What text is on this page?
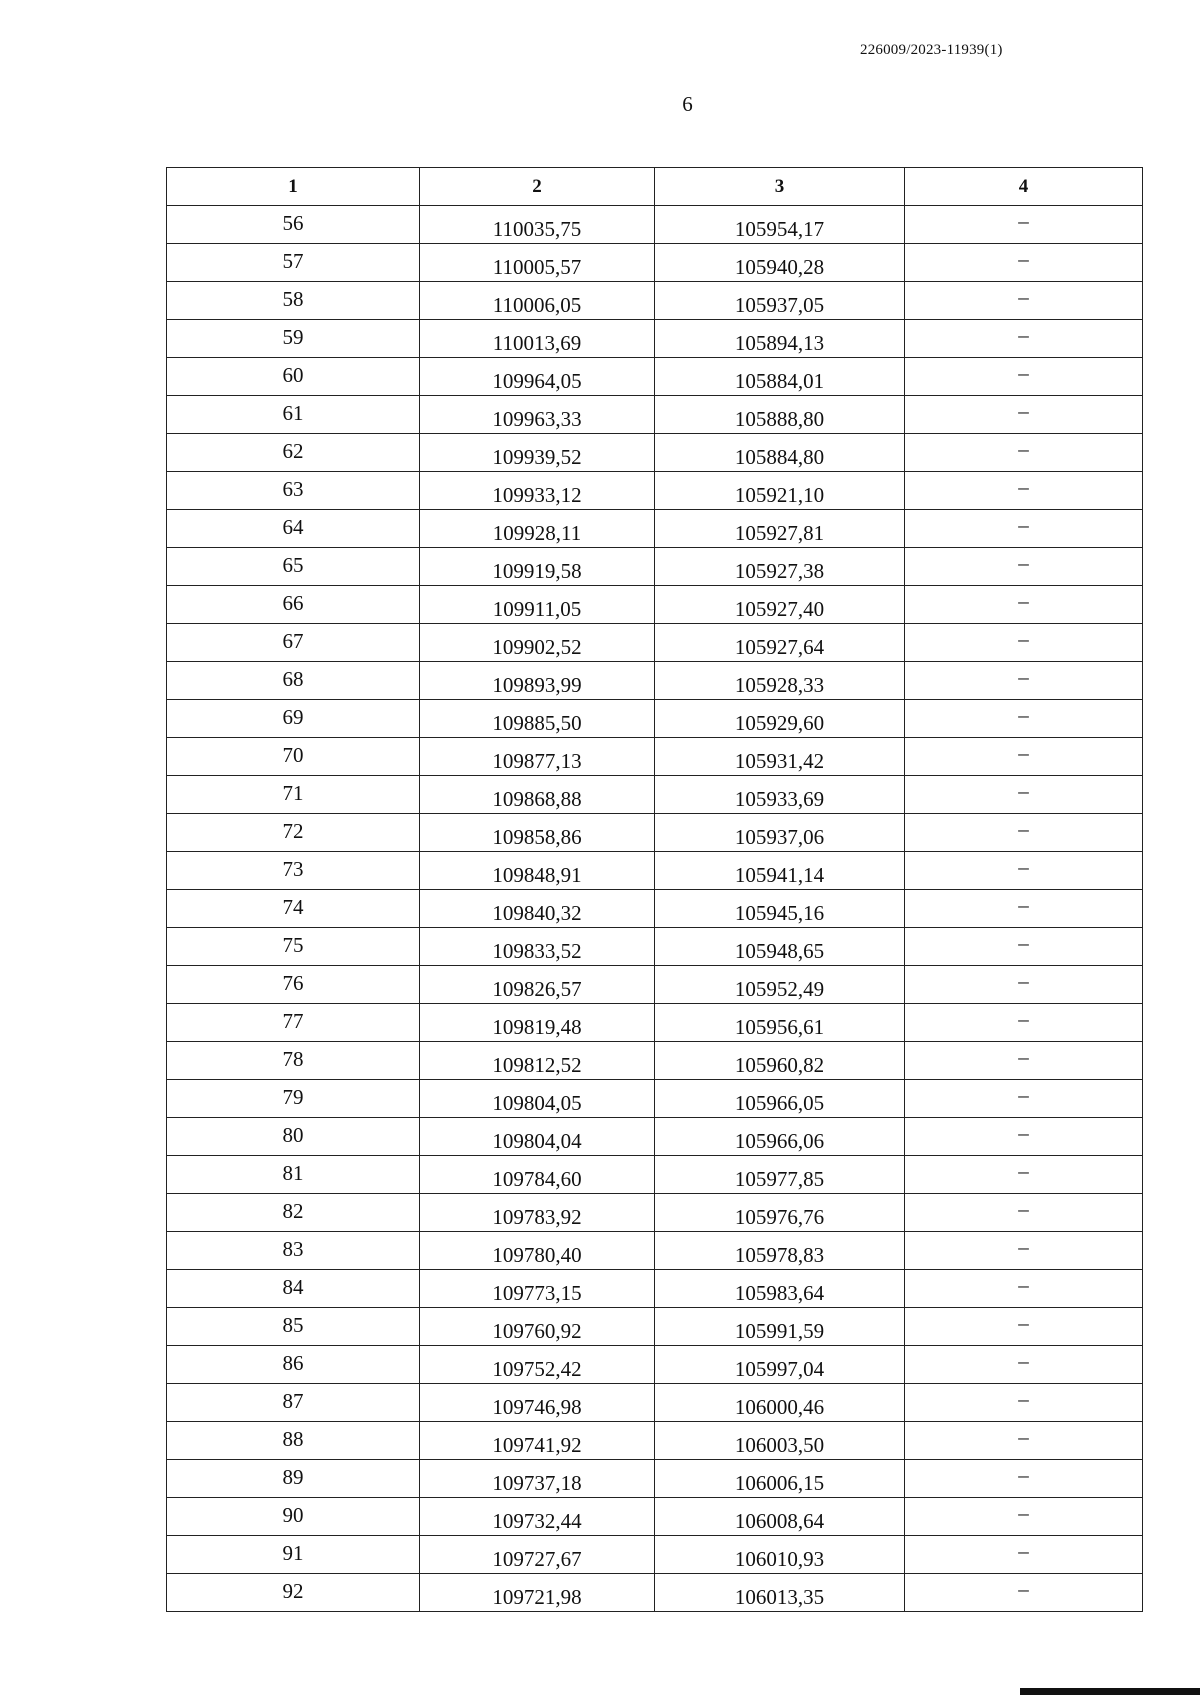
226009/2023-11939(1)
6
1	2	3	4
56	110035,75	105954,17	–
57	110005,57	105940,28	–
58	110006,05	105937,05	–
59	110013,69	105894,13	–
60	109964,05	105884,01	–
61	109963,33	105888,80	–
62	109939,52	105884,80	–
63	109933,12	105921,10	–
64	109928,11	105927,81	–
65	109919,58	105927,38	–
66	109911,05	105927,40	–
67	109902,52	105927,64	–
68	109893,99	105928,33	–
69	109885,50	105929,60	–
70	109877,13	105931,42	–
71	109868,88	105933,69	–
72	109858,86	105937,06	–
73	109848,91	105941,14	–
74	109840,32	105945,16	–
75	109833,52	105948,65	–
76	109826,57	105952,49	–
77	109819,48	105956,61	–
78	109812,52	105960,82	–
79	109804,05	105966,05	–
80	109804,04	105966,06	–
81	109784,60	105977,85	–
82	109783,92	105976,76	–
83	109780,40	105978,83	–
84	109773,15	105983,64	–
85	109760,92	105991,59	–
86	109752,42	105997,04	–
87	109746,98	106000,46	–
88	109741,92	106003,50	–
89	109737,18	106006,15	–
90	109732,44	106008,64	–
91	109727,67	106010,93	–
92	109721,98	106013,35	–
